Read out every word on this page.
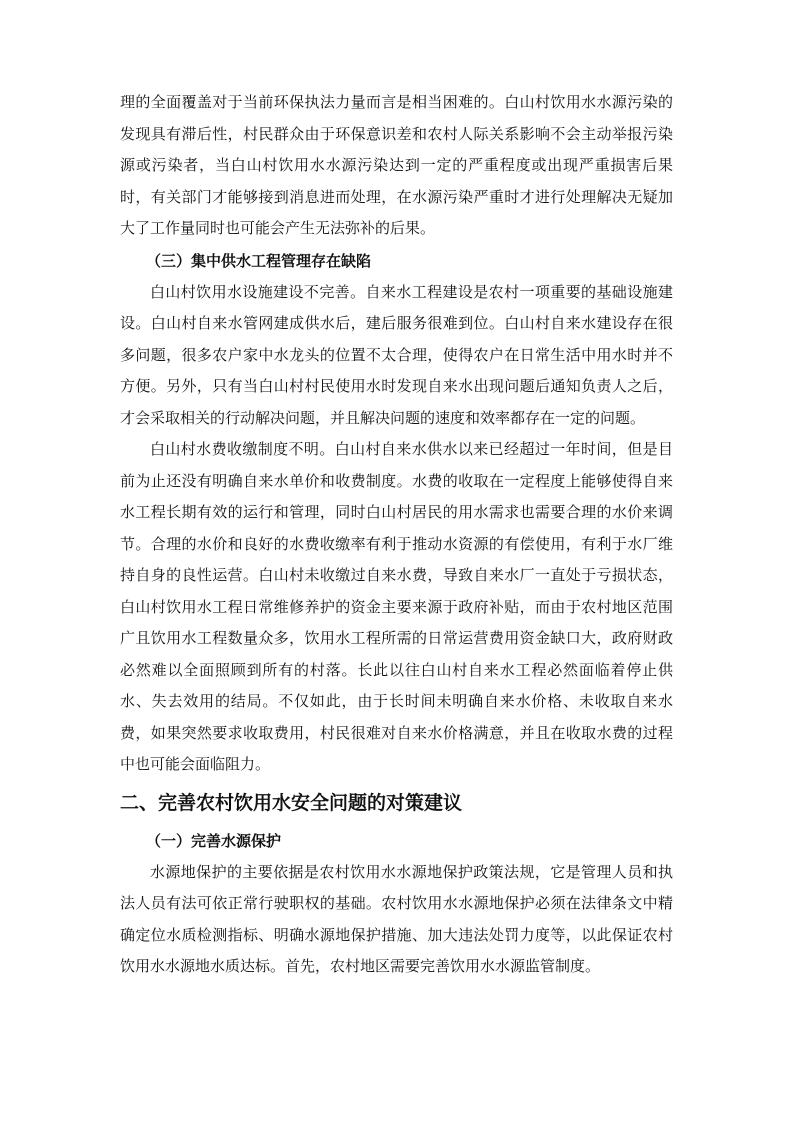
理的全面覆盖对于当前环保执法力量而言是相当困难的。白山村饮用水水源污染的发现具有滞后性，村民群众由于环保意识差和农村人际关系影响不会主动举报污染源或污染者，当白山村饮用水水源污染达到一定的严重程度或出现严重损害后果时，有关部门才能够接到消息进而处理，在水源污染严重时才进行处理解决无疑加大了工作量同时也可能会产生无法弥补的后果。

（三）集中供水工程管理存在缺陷

白山村饮用水设施建设不完善。自来水工程建设是农村一项重要的基础设施建设。白山村自来水管网建成供水后，建后服务很难到位。白山村自来水建设存在很多问题，很多农户家中水龙头的位置不太合理，使得农户在日常生活中用水时并不方便。另外，只有当白山村村民使用水时发现自来水出现问题后通知负责人之后，才会采取相关的行动解决问题，并且解决问题的速度和效率都存在一定的问题。

白山村水费收缴制度不明。白山村自来水供水以来已经超过一年时间，但是目前为止还没有明确自来水单价和收费制度。水费的收取在一定程度上能够使得自来水工程长期有效的运行和管理，同时白山村居民的用水需求也需要合理的水价来调节。合理的水价和良好的水费收缴率有利于推动水资源的有偿使用，有利于水厂维持自身的良性运营。白山村未收缴过自来水费，导致自来水厂一直处于亏损状态，白山村饮用水工程日常维修养护的资金主要来源于政府补贴，而由于农村地区范围广且饮用水工程数量众多，饮用水工程所需的日常运营费用资金缺口大，政府财政必然难以全面照顾到所有的村落。长此以往白山村自来水工程必然面临着停止供水、失去效用的结局。不仅如此，由于长时间未明确自来水价格、未收取自来水费，如果突然要求收取费用，村民很难对自来水价格满意，并且在收取水费的过程中也可能会面临阻力。

二、完善农村饮用水安全问题的对策建议

（一）完善水源保护

水源地保护的主要依据是农村饮用水水源地保护政策法规，它是管理人员和执法人员有法可依正常行驶职权的基础。农村饮用水水源地保护必须在法律条文中精确定位水质检测指标、明确水源地保护措施、加大违法处罚力度等，以此保证农村饮用水水源地水质达标。首先，农村地区需要完善饮用水水源监管制度。
